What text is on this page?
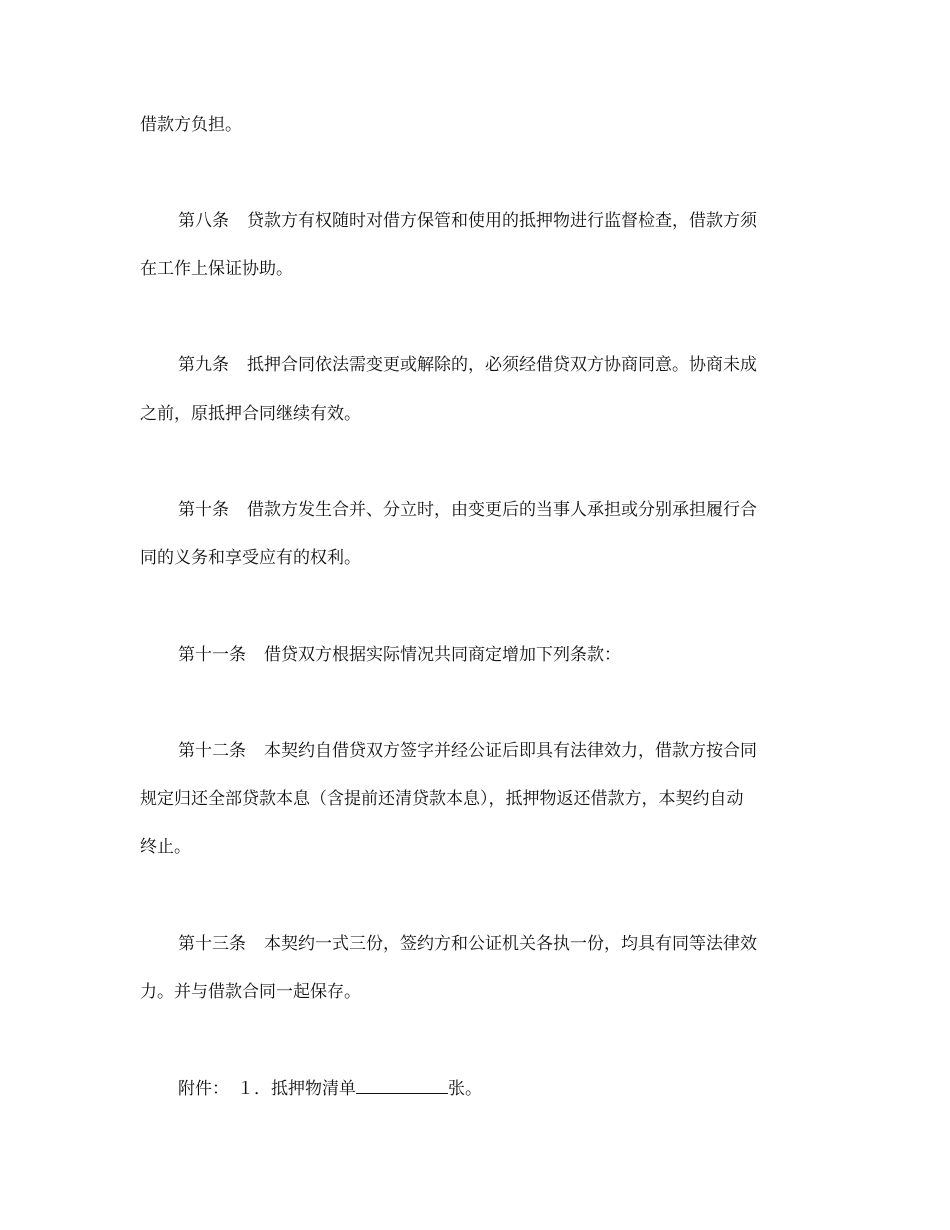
借款方负担。
第八条 贷款方有权随时对借方保管和使用的抵押物进行监督检查，借款方须
在工作上保证协助。
第九条 抵押合同依法需变更或解除的，必须经借贷双方协商同意。协商未成
之前，原抵押合同继续有效。
第十条 借款方发生合并、分立时，由变更后的当事人承担或分别承担履行合
同的义务和享受应有的权利。
第十一条 借贷双方根据实际情况共同商定增加下列条款：
第十二条 本契约自借贷双方签字并经公证后即具有法律效力，借款方按合同
规定归还全部贷款本息（含提前还清贷款本息），抵押物返还借款方，本契约自动
终止。
第十三条 本契约一式三份，签约方和公证机关各执一份，均具有同等法律效
力。并与借款合同一起保存。
附件： １．抵押物清单	张。
